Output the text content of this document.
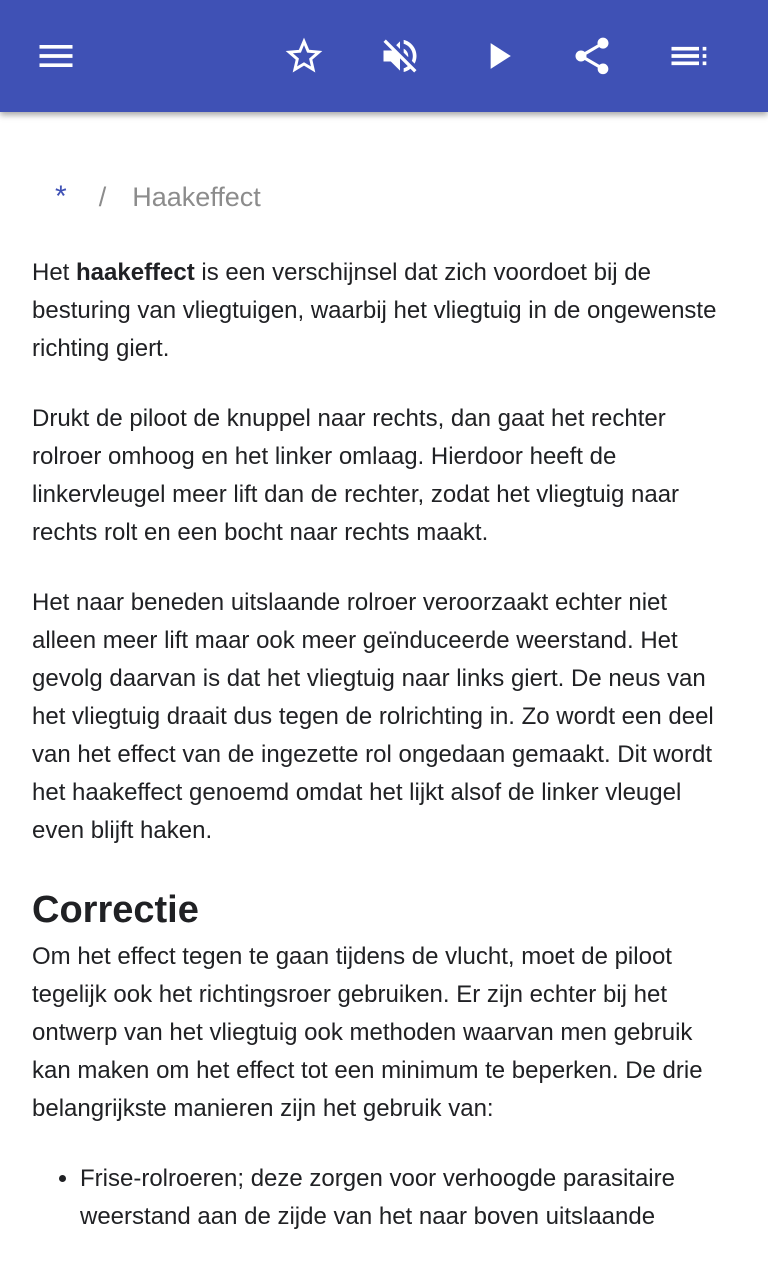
* / Haakeffect

Het haakeffect is een verschijnsel dat zich voordoet bij de besturing van vliegtuigen, waarbij het vliegtuig in de ongewenste richting giert.

Drukt de piloot de knuppel naar rechts, dan gaat het rechter rolroer omhoog en het linker omlaag. Hierdoor heeft de linkervleugel meer lift dan de rechter, zodat het vliegtuig naar rechts rolt en een bocht naar rechts maakt.

Het naar beneden uitslaande rolroer veroorzaakt echter niet alleen meer lift maar ook meer geïnduceerde weerstand. Het gevolg daarvan is dat het vliegtuig naar links giert. De neus van het vliegtuig draait dus tegen de rolrichting in. Zo wordt een deel van het effect van de ingezette rol ongedaan gemaakt. Dit wordt het haakeffect genoemd omdat het lijkt alsof de linker vleugel even blijft haken.

Correctie

Om het effect tegen te gaan tijdens de vlucht, moet de piloot tegelijk ook het richtingsroer gebruiken. Er zijn echter bij het ontwerp van het vliegtuig ook methoden waarvan men gebruik kan maken om het effect tot een minimum te beperken. De drie belangrijkste manieren zijn het gebruik van:

• Frise-rolroeren; deze zorgen voor verhoogde parasitaire weerstand aan de zijde van het naar boven uitslaande
